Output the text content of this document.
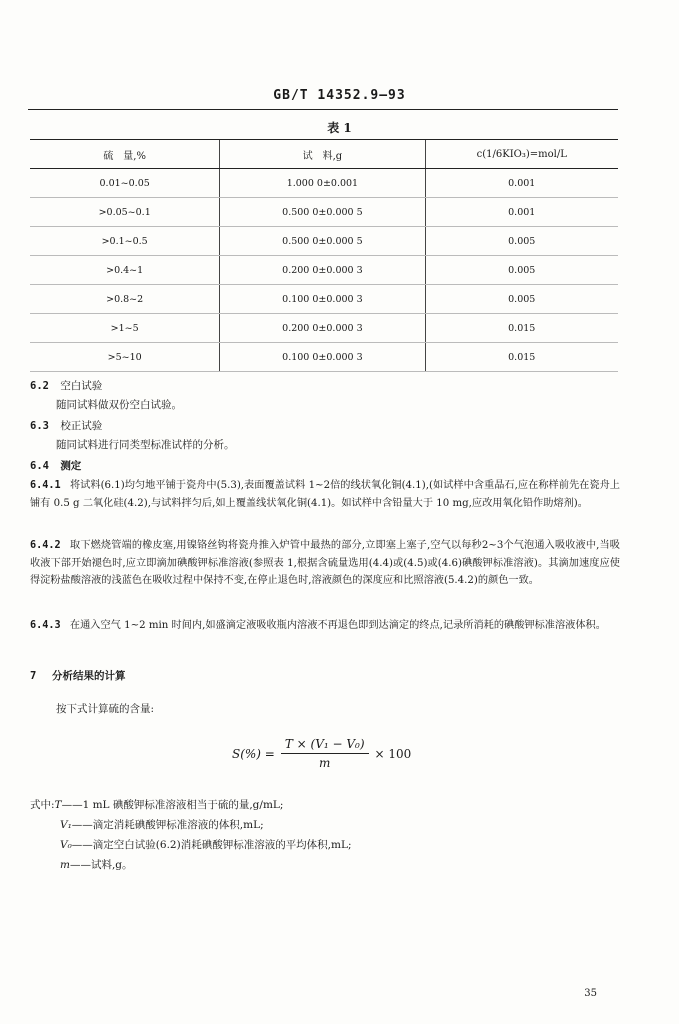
GB/T 14352.9—93
表 1
硫　量,%	试　料,g	c(1/6KIO₃)=mol/L
0.01~0.05	1.000 0±0.001	0.001
>0.05~0.1	0.500 0±0.000 5	0.001
>0.1~0.5	0.500 0±0.000 5	0.005
>0.4~1	0.200 0±0.000 3	0.005
>0.8~2	0.100 0±0.000 3	0.005
>1~5	0.200 0±0.000 3	0.015
>5~10	0.100 0±0.000 3	0.015
6.2 空白试验
随同试料做双份空白试验。
6.3 校正试验
随同试料进行同类型标准试样的分析。
6.4 测定
6.4.1 将试料(6.1)均匀地平铺于瓷舟中(5.3),表面覆盖试料 1~2倍的线状氧化铜(4.1),(如试样中含重晶石,应在称样前先在瓷舟上铺有 0.5 g 二氧化硅(4.2),与试料拌匀后,如上覆盖线状氧化铜(4.1)。如试样中含铅量大于 10 mg,应改用氧化铅作助熔剂)。
6.4.2 取下燃烧管端的橡皮塞,用镍铬丝钩将瓷舟推入炉管中最热的部分,立即塞上塞子,空气以每秒2~3个气泡通入吸收液中,当吸收液下部开始褪色时,应立即滴加碘酸钾标准溶液(参照表 1,根据含硫量选用(4.4)或(4.5)或(4.6)碘酸钾标准溶液)。其滴加速度应使得淀粉盐酸溶液的浅蓝色在吸收过程中保持不变,在停止退色时,溶液颜色的深度应和比照溶液(5.4.2)的颜色一致。
6.4.3 在通入空气 1~2 min 时间内,如盛滴定液吸收瓶内溶液不再退色即到达滴定的终点,记录所消耗的碘酸钾标准溶液体积。
7 分析结果的计算
按下式计算硫的含量:
$S(\%) = \frac{\text{T × (V₁ − V₀)}}{m} \times 100$
式中:T——1 mL 碘酸钾标准溶液相当于硫的量,g/mL;
V₁——滴定消耗碘酸钾标准溶液的体积,mL;
V₀——滴定空白试验(6.2)消耗碘酸钾标准溶液的平均体积,mL;
m——试料,g。
35
